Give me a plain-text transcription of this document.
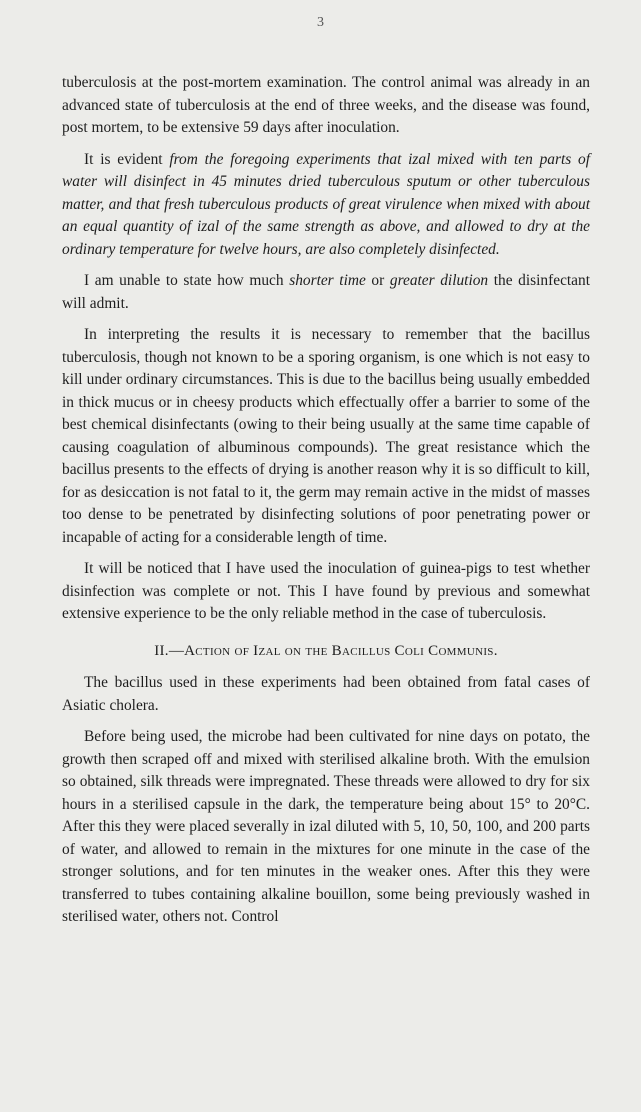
3

tuberculosis at the post-mortem examination. The control animal was already in an advanced state of tuberculosis at the end of three weeks, and the disease was found, post mortem, to be extensive 59 days after inoculation.

It is evident from the foregoing experiments that izal mixed with ten parts of water will disinfect in 45 minutes dried tuberculous sputum or other tuberculous matter, and that fresh tuberculous products of great virulence when mixed with about an equal quantity of izal of the same strength as above, and allowed to dry at the ordinary temperature for twelve hours, are also completely disinfected.

I am unable to state how much shorter time or greater dilution the disinfectant will admit.

In interpreting the results it is necessary to remember that the bacillus tuberculosis, though not known to be a sporing organism, is one which is not easy to kill under ordinary circumstances. This is due to the bacillus being usually embedded in thick mucus or in cheesy products which effectually offer a barrier to some of the best chemical disinfectants (owing to their being usually at the same time capable of causing coagulation of albuminous compounds). The great resistance which the bacillus presents to the effects of drying is another reason why it is so difficult to kill, for as desiccation is not fatal to it, the germ may remain active in the midst of masses too dense to be penetrated by disinfecting solutions of poor penetrating power or incapable of acting for a considerable length of time.

It will be noticed that I have used the inoculation of guinea-pigs to test whether disinfection was complete or not. This I have found by previous and somewhat extensive experience to be the only reliable method in the case of tuberculosis.

II.—Action of Izal on the Bacillus Coli Communis.

The bacillus used in these experiments had been obtained from fatal cases of Asiatic cholera.

Before being used, the microbe had been cultivated for nine days on potato, the growth then scraped off and mixed with sterilised alkaline broth. With the emulsion so obtained, silk threads were impregnated. These threads were allowed to dry for six hours in a sterilised capsule in the dark, the temperature being about 15° to 20°C. After this they were placed severally in izal diluted with 5, 10, 50, 100, and 200 parts of water, and allowed to remain in the mixtures for one minute in the case of the stronger solutions, and for ten minutes in the weaker ones. After this they were transferred to tubes containing alkaline bouillon, some being previously washed in sterilised water, others not. Control
